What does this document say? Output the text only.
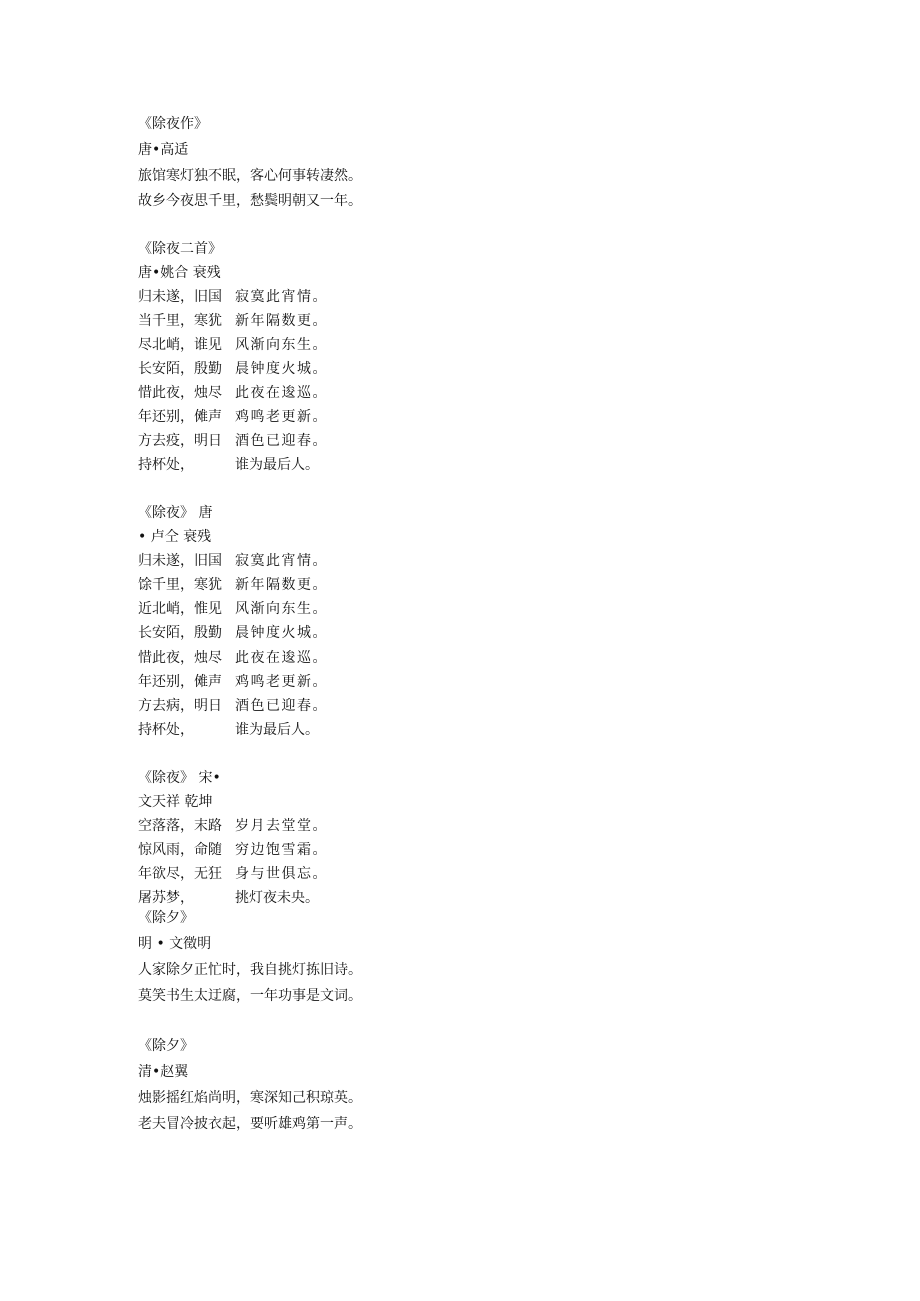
《除夜作》
唐•高适
旅馆寒灯独不眠，客心何事转凄然。
故乡今夜思千里，愁鬓明朝又一年。
《除夜二首》
唐•姚合 衰残
归未遂，旧国 寂寞此宵情。
当千里，寒犹 新年隔数更。
尽北峭，谁见 风渐向东生。
长安陌，殷勤 晨钟度火城。
惜此夜，烛尽 此夜在逡巡。
年还别，傩声 鸡鸣老更新。
方去疫，明日 酒色已迎春。
持杯处，	谁为最后人。
《除夜》 唐
• 卢仝 衰残
归未遂，旧国 寂寞此宵情。
馀千里，寒犹 新年隔数更。
近北峭，惟见 风渐向东生。
长安陌，殷勤 晨钟度火城。
惜此夜，烛尽 此夜在逡巡。
年还别，傩声 鸡鸣老更新。
方去病，明日 酒色已迎春。
持杯处，	谁为最后人。
《除夜》 宋•
文天祥 乾坤
空落落，末路 岁月去堂堂。
惊风雨，命随 穷边饱雪霜。
年欲尽，无狂 身与世俱忘。
屠苏梦，	挑灯夜未央。
《除夕》
明 • 文徵明
人家除夕正忙时，我自挑灯拣旧诗。
莫笑书生太迂腐，一年功事是文词。
《除夕》
清•赵翼
烛影摇红焰尚明，寒深知己积琼英。
老夫冒冷披衣起，要听雄鸡第一声。
